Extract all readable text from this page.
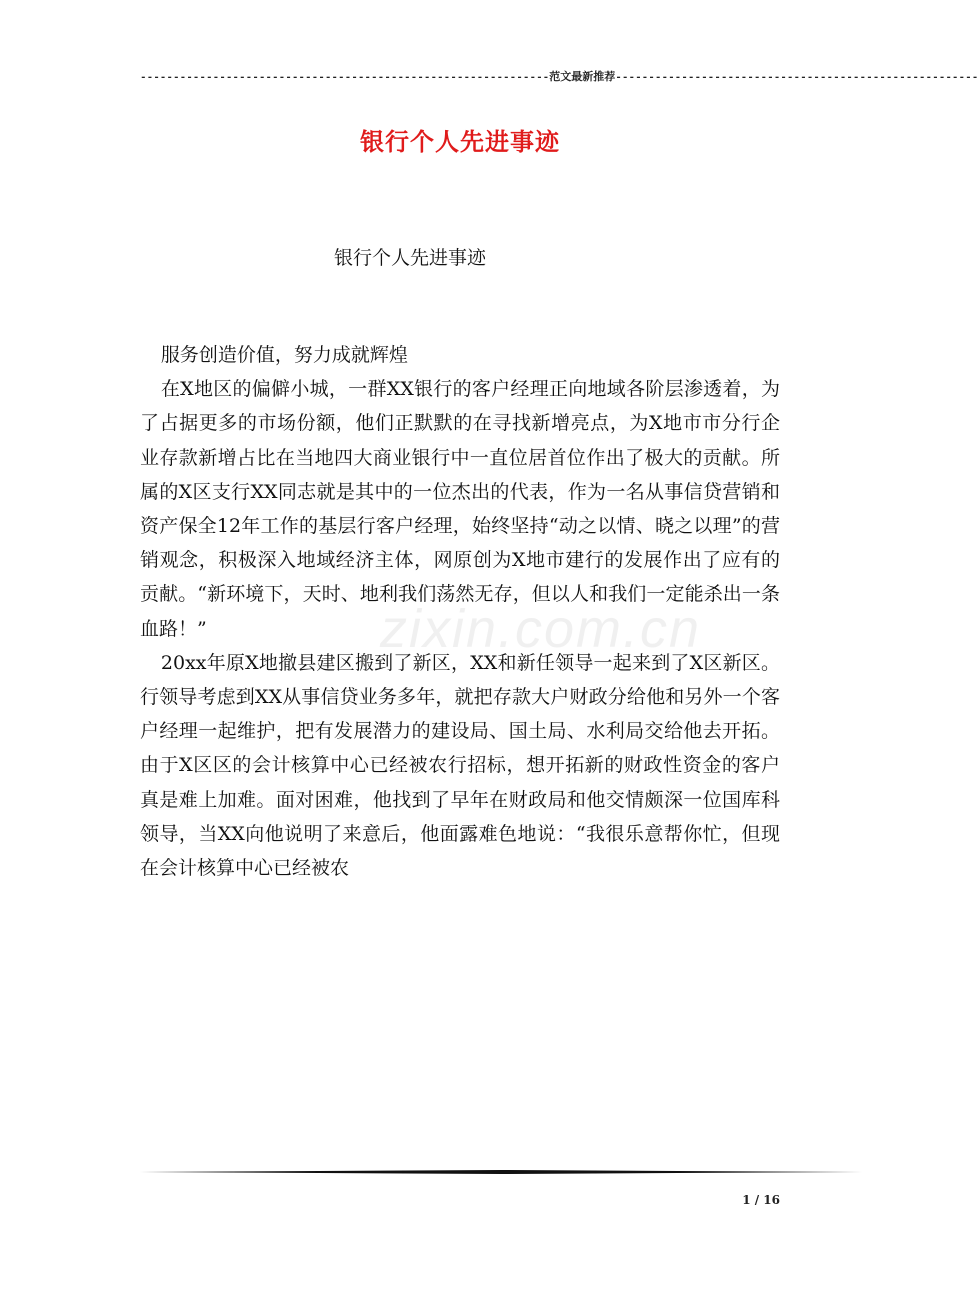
--------------------------------------------------------------范文最新推荐-------------------------------------------------------
银行个人先进事迹
银行个人先进事迹
zixin.com.cn

服务创造价值，努力成就辉煌

在X地区的偏僻小城，一群XX银行的客户经理正向地域各阶层渗透着，为了占据更多的市场份额，他们正默默的在寻找新增亮点，为X地市市分行企业存款新增占比在当地四大商业银行中一直位居首位作出了极大的贡献。所属的X区支行XX同志就是其中的一位杰出的代表，作为一名从事信贷营销和资产保全12年工作的基层行客户经理，始终坚持“动之以情、晓之以理”的营销观念，积极深入地域经济主体，网原创为X地市建行的发展作出了应有的贡献。“新环境下，天时、地利我们荡然无存，但以人和我们一定能杀出一条血路！”

20xx年原X地撤县建区搬到了新区，XX和新任领导一起来到了X区新区。行领导考虑到XX从事信贷业务多年，就把存款大户财政分给他和另外一个客户经理一起维护，把有发展潜力的建设局、国土局、水利局交给他去开拓。由于X区区的会计核算中心已经被农行招标，想开拓新的财政性资金的客户真是难上加难。面对困难，他找到了早年在财政局和他交情颇深一位国库科领导，当XX向他说明了来意后，他面露难色地说：“我很乐意帮你忙，但现在会计核算中心已经被农

1 / 16
